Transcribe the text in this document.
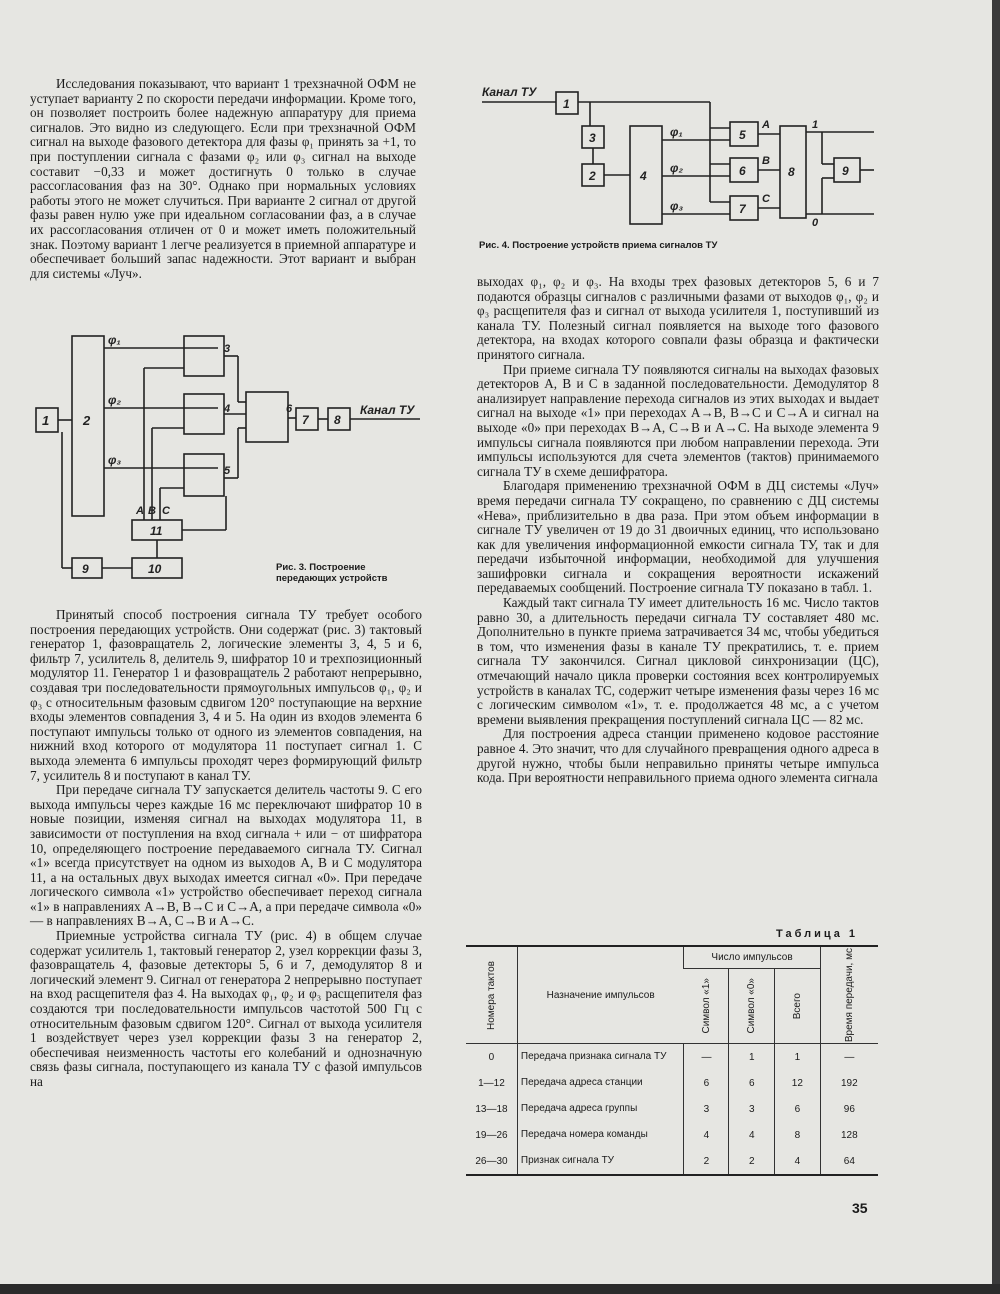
Исследования показывают, что вариант 1 трехзначной ОФМ не уступает варианту 2 по скорости передачи информации. Кроме того, он позволяет построить более надежную аппаратуру для приема сигналов. Это видно из следующего. Если при трехзначной ОФМ сигнал на выходе фазового детектора для фазы φ₁ принять за +1, то при поступлении сигнала с фазами φ₂ или φ₃ сигнал на выходе составит −0,33 и может достигнуть 0 только в случае рассогласования фаз на 30°. Однако при нормальных условиях работы этого не может случиться. При варианте 2 сигнал от другой фазы равен нулю уже при идеальном согласовании фаз, а в случае их рассогласования отличен от 0 и может иметь положительный знак. Поэтому вариант 1 легче реализуется в приемной аппаратуре и обеспечивает больший запас надежности. Этот вариант и выбран для системы «Луч».

1	2
φ₁
φ₂
φ₃
3
4
5
А В С
6
7 8
Канал ТУ
11
10
9	Рис. 3. Построение передающих устройств

Принятый способ построения сигнала ТУ требует особого построения передающих устройств. Они содержат (рис. 3) тактовый генератор 1, фазовращатель 2, логические элементы 3, 4, 5 и 6, фильтр 7, усилитель 8, делитель 9, шифратор 10 и трехпозиционный модулятор 11. Генератор 1 и фазовращатель 2 работают непрерывно, создавая три последовательности прямоугольных импульсов φ₁, φ₂ и φ₃ с относительным фазовым сдвигом 120° поступающие на верхние входы элементов совпадения 3, 4 и 5. На один из входов элемента 6 поступают импульсы только от одного из элементов совпадения, на нижний вход которого от модулятора 11 поступает сигнал 1. С выхода элемента 6 импульсы проходят через формирующий фильтр 7, усилитель 8 и поступают в канал ТУ.

При передаче сигнала ТУ запускается делитель частоты 9. С его выхода импульсы через каждые 16 мс переключают шифратор 10 в новые позиции, изменяя сигнал на выходах модулятора 11, в зависимости от поступления на вход сигнала + или − от шифратора 10, определяющего построение передаваемого сигнала ТУ. Сигнал «1» всегда присутствует на одном из выходов А, В и С модулятора 11, а на остальных двух выходах имеется сигнал «0». При передаче логического символа «1» устройство обеспечивает переход сигнала «1» в направлениях А→В, В→С и С→А, а при передаче символа «0» — в направлениях В→А, С→В и А→С.

Приемные устройства сигнала ТУ (рис. 4) в общем случае содержат усилитель 1, тактовый генератор 2, узел коррекции фазы 3, фазовращатель 4, фазовые детекторы 5, 6 и 7, демодулятор 8 и логический элемент 9. Сигнал от генератора 2 непрерывно поступает на вход расщепителя фаз 4. На выходах φ₁, φ₂ и φ₃ расщепителя фаз создаются три последовательности импульсов частотой 500 Гц с относительным фазовым сдвигом 120°. Сигнал от выхода усилителя 1 воздействует через узел коррекции фазы 3 на генератор 2, обеспечивая неизменность частоты его колебаний и однозначную связь фазы сигнала, поступающего из канала ТУ с фазой импульсов на

Канал ТУ
1
3
2	4
φ₁
φ₂
φ₃
5
6
7
А
В
С
8
1
0
9
Рис. 4. Построение устройств приема сигналов ТУ

выходах φ₁, φ₂ и φ₃. На входы трех фазовых детекторов 5, 6 и 7 подаются образцы сигналов с различными фазами от выходов φ₁, φ₂ и φ₃ расщепителя фаз и сигнал от выхода усилителя 1, поступивший из канала ТУ. Полезный сигнал появляется на выходе того фазового детектора, на входах которого совпали фазы образца и фактически принятого сигнала.

При приеме сигнала ТУ появляются сигналы на выходах фазовых детекторов А, В и С в заданной последовательности. Демодулятор 8 анализирует направление перехода сигналов из этих выходах и выдает сигнал на выходе «1» при переходах А→В, В→С и С→А и сигнал на выходе «0» при переходах В→А, С→В и А→С. На выходе элемента 9 импульсы сигнала появляются при любом направлении перехода. Эти импульсы используются для счета элементов (тактов) принимаемого сигнала ТУ в схеме дешифратора.

Благодаря применению трехзначной ОФМ в ДЦ системы «Луч» время передачи сигнала ТУ сокращено, по сравнению с ДЦ системы «Нева», приблизительно в два раза. При этом объем информации в сигнале ТУ увеличен от 19 до 31 двоичных единиц, что использовано как для увеличения информационной емкости сигнала ТУ, так и для передачи избыточной информации, необходимой для улучшения зашифровки сигнала и сокращения вероятности искажений передаваемых сообщений. Построение сигнала ТУ показано в табл. 1.

Каждый такт сигнала ТУ имеет длительность 16 мс. Число тактов равно 30, а длительность передачи сигнала ТУ составляет 480 мс. Дополнительно в пункте приема затрачивается 34 мс, чтобы убедиться в том, что изменения фазы в канале ТУ прекратились, т. е. прием сигнала ТУ закончился. Сигнал цикловой синхронизации (ЦС), отмечающий начало цикла проверки состояния всех контролируемых устройств в каналах ТС, содержит четыре изменения фазы через 16 мс с логическим символом «1», т. е. продолжается 48 мс, а с учетом времени выявления прекращения поступлений сигнала ЦС — 82 мс.

Для построения адреса станции применено кодовое расстояние равное 4. Это значит, что для случайного превращения одного адреса в другой нужно, чтобы были неправильно приняты четыре импульса кода. При вероятности неправильного приема одного элемента сигнала

Таблица 1
Номера тактов	Назначение импульсов	Число импульсов			Время передачи, мс

		Символ «1»	Символ «0»	Всего	

0	Передача признака сигнала ТУ	—	1	1	—
1—12	Передача адреса станции	6	6	12	192
13—18	Передача адреса группы	3	3	6	96
19—26	Передача номера команды	4	4	8	128
26—30	Признак сигнала ТУ	2	2	4	64
35
